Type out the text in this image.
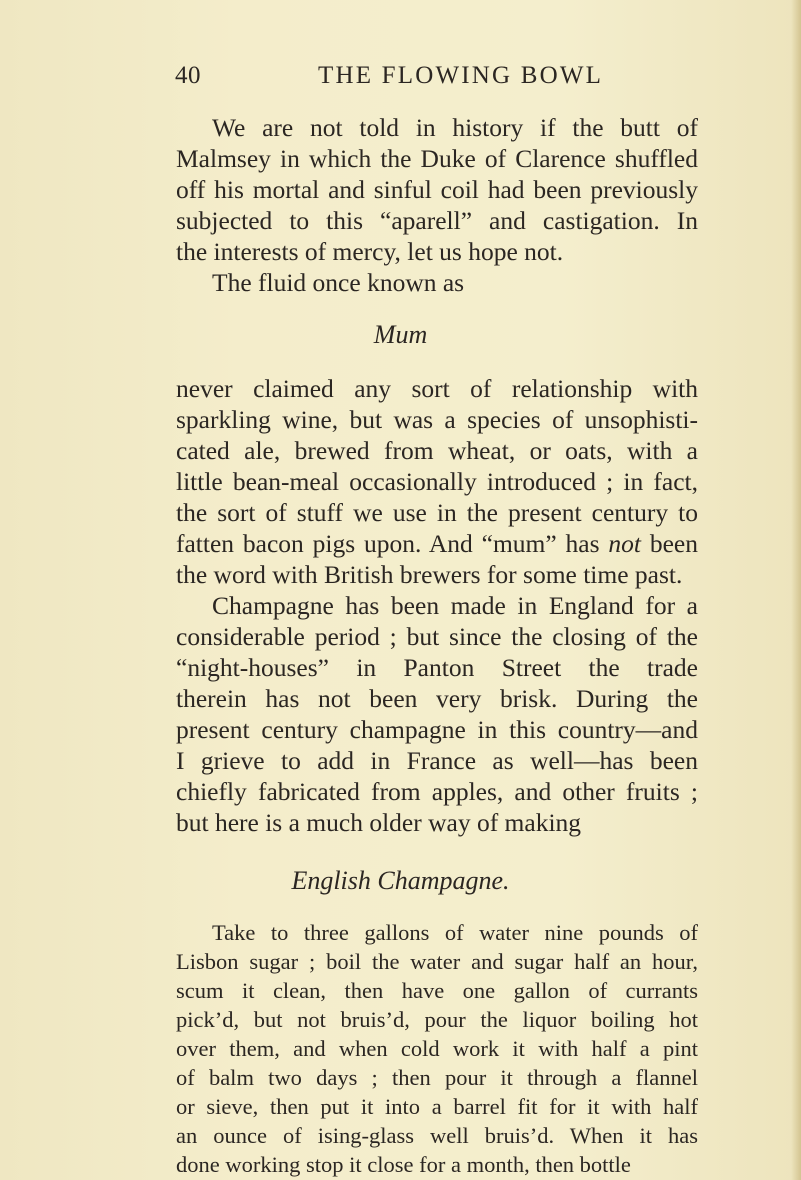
40	THE FLOWING BOWL
We are not told in history if the butt of
Malmsey in which the Duke of Clarence shuffled
off his mortal and sinful coil had been previously
subjected to this “aparell” and castigation. In
the interests of mercy, let us hope not.
The fluid once known as
Mum
never claimed any sort of relationship with
sparkling wine, but was a species of unsophisti-
cated ale, brewed from wheat, or oats, with a
little bean-meal occasionally introduced ; in fact,
the sort of stuff we use in the present century to
fatten bacon pigs upon. And “mum” has not been
the word with British brewers for some time past.
Champagne has been made in England for a
considerable period ; but since the closing of the
“night-houses” in Panton Street the trade
therein has not been very brisk. During the
present century champagne in this country—and
I grieve to add in France as well—has been
chiefly fabricated from apples, and other fruits ;
but here is a much older way of making
English Champagne.
Take to three gallons of water nine pounds of
Lisbon sugar ; boil the water and sugar half an hour,
scum it clean, then have one gallon of currants
pick’d, but not bruis’d, pour the liquor boiling hot
over them, and when cold work it with half a pint
of balm two days ; then pour it through a flannel
or sieve, then put it into a barrel fit for it with half
an ounce of ising-glass well bruis’d. When it has
done working stop it close for a month, then bottle
